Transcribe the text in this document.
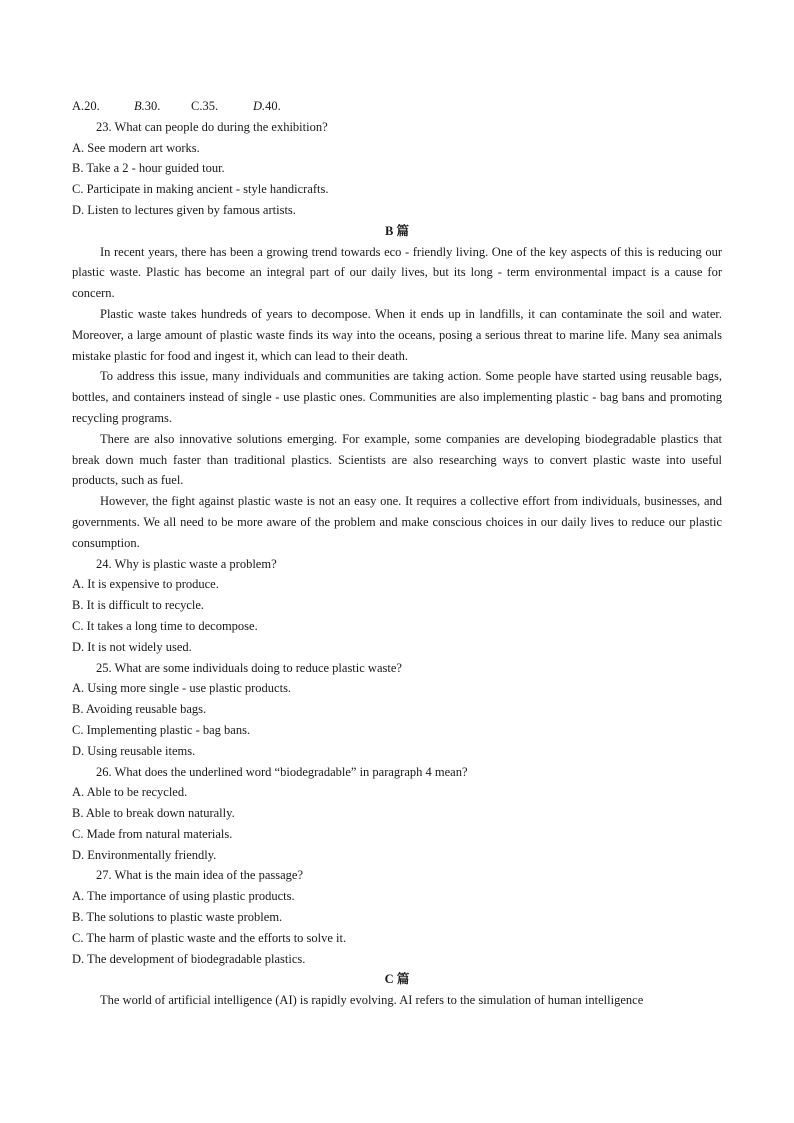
A.20.	B.30. C.35.	D.40.
23. What can people do during the exhibition?
A. See modern art works.
B. Take a 2 - hour guided tour.
C. Participate in making ancient - style handicrafts.
D. Listen to lectures given by famous artists.
B 篇

In recent years, there has been a growing trend towards eco - friendly living. One of the key aspects of this is reducing our plastic waste. Plastic has become an integral part of our daily lives, but its long - term environmental impact is a cause for concern.

Plastic waste takes hundreds of years to decompose. When it ends up in landfills, it can contaminate the soil and water. Moreover, a large amount of plastic waste finds its way into the oceans, posing a serious threat to marine life. Many sea animals mistake plastic for food and ingest it, which can lead to their death.

To address this issue, many individuals and communities are taking action. Some people have started using reusable bags, bottles, and containers instead of single - use plastic ones. Communities are also implementing plastic - bag bans and promoting recycling programs.

There are also innovative solutions emerging. For example, some companies are developing biodegradable plastics that break down much faster than traditional plastics. Scientists are also researching ways to convert plastic waste into useful products, such as fuel.

However, the fight against plastic waste is not an easy one. It requires a collective effort from individuals, businesses, and governments. We all need to be more aware of the problem and make conscious choices in our daily lives to reduce our plastic consumption.

24. Why is plastic waste a problem?
A. It is expensive to produce.
B. It is difficult to recycle.
C. It takes a long time to decompose.
D. It is not widely used.
25. What are some individuals doing to reduce plastic waste?
A. Using more single - use plastic products.
B. Avoiding reusable bags.
C. Implementing plastic - bag bans.
D. Using reusable items.
26. What does the underlined word “biodegradable” in paragraph 4 mean?
A. Able to be recycled.
B. Able to break down naturally.
C. Made from natural materials.
D. Environmentally friendly.
27. What is the main idea of the passage?
A. The importance of using plastic products.
B. The solutions to plastic waste problem.
C. The harm of plastic waste and the efforts to solve it.
D. The development of biodegradable plastics.
C 篇

The world of artificial intelligence (AI) is rapidly evolving. AI refers to the simulation of human intelligence
